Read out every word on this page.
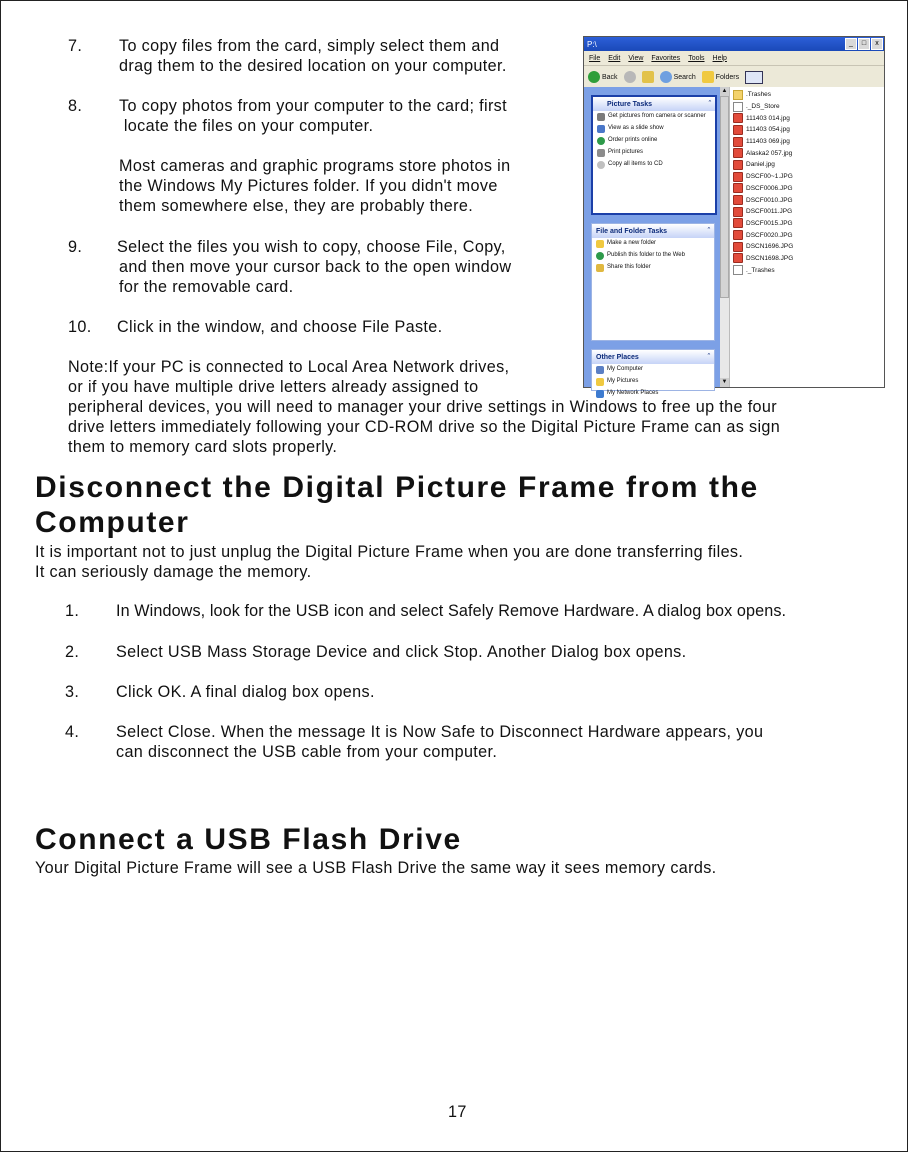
7. To copy files from the card, simply select them and
drag them to the desired location on your computer.
8. To copy photos from your computer to the card; first
locate the files on your computer.
Most cameras and graphic programs store photos in
the Windows My Pictures folder. If you didn't move
them somewhere else, they are probably there.
9. Select the files you wish to copy, choose File, Copy,
and then move your cursor back to the open window
for the removable card.
10. Click in the window, and choose File Paste.
Note:If your PC is connected to Local Area Network drives,
or if you have multiple drive letters already assigned to
peripheral devices, you will need to manager your drive settings in Windows to free up the four
drive letters immediately following your CD-ROM drive so the Digital Picture Frame can as sign
them to memory card slots properly.
Disconnect the Digital Picture Frame from the
Computer
It is important not to just unplug the Digital Picture Frame when you are done transferring files.
It can seriously damage the memory.
1. In Windows, look for the USB icon and select Safely Remove Hardware. A dialog box opens.
2. Select USB Mass Storage Device and click Stop. Another Dialog box opens.
3. Click OK. A final dialog box opens.
4. Select Close. When the message It is Now Safe to Disconnect Hardware appears, you
can disconnect the USB cable from your computer.
Connect a USB Flash Drive
Your Digital Picture Frame will see a USB Flash Drive the same way it sees memory cards.
17
P:\	_	□	x
File Edit View Favorites Tools Help
Back	Search	Folders
Picture Tasks	ˆ
Get pictures from camera or scanner
View as a slide show
Order prints online
Print pictures
Copy all items to CD
File and Folder Tasks	ˆ
Make a new folder
Publish this folder to the Web
Share this folder
Other Places	ˆ
My Computer
My Pictures
My Network Places
▲
▼
.Trashes
._DS_Store
111403 014.jpg
111403 054.jpg
111403 069.jpg
Alaska2 057.jpg
Daniel.jpg
DSCF00~1.JPG
DSCF0006.JPG
DSCF0010.JPG
DSCF0011.JPG
DSCF0015.JPG
DSCF0020.JPG
DSCN1696.JPG
DSCN1698.JPG
._Trashes
